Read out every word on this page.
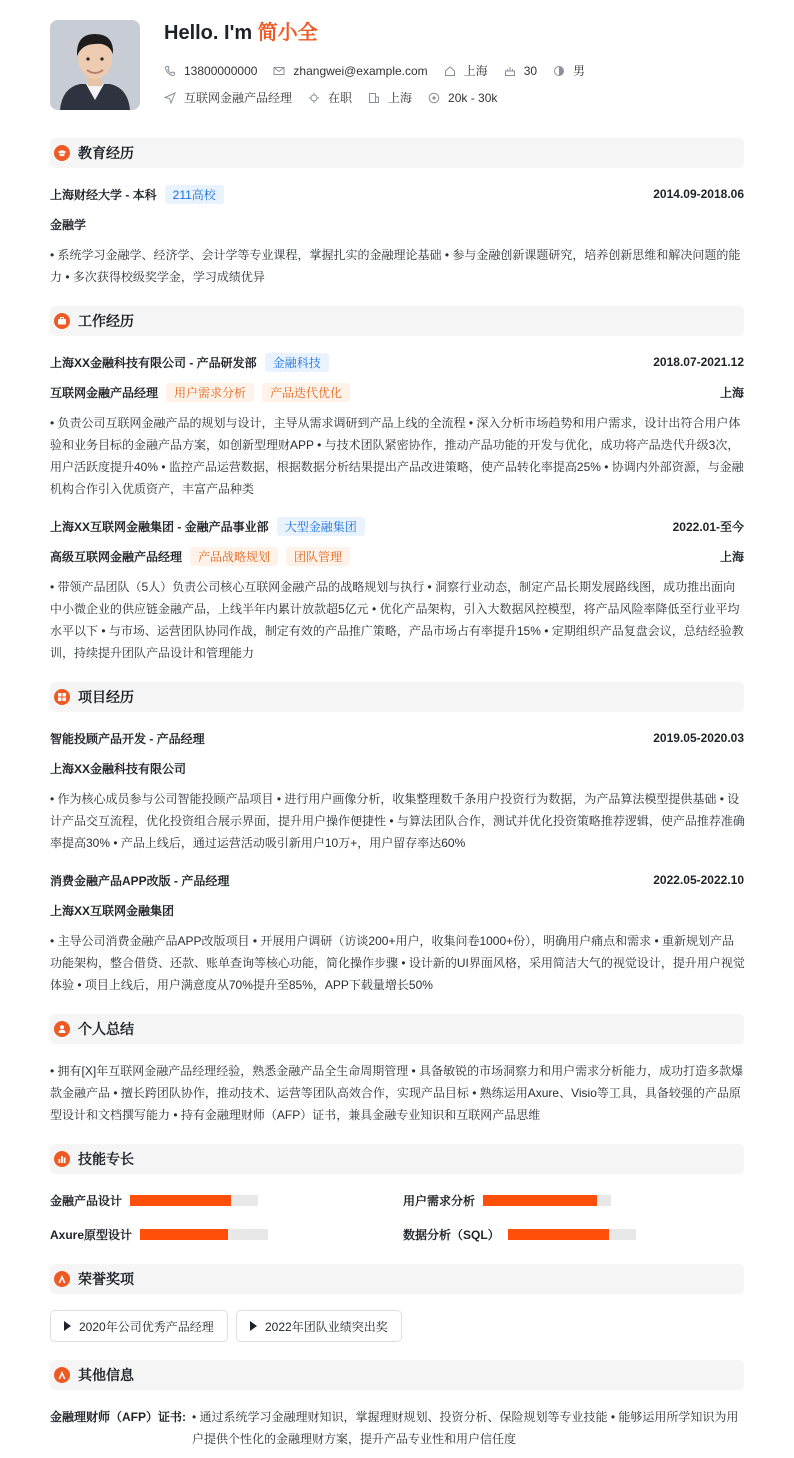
Hello. I'm 简小全
13800000000	zhangwei@example.com	上海	30	男
互联网金融产品经理	在职	上海	20k - 30k
教育经历
上海财经大学 - 本科	211高校	2014.09-2018.06
金融学
• 系统学习金融学、经济学、会计学等专业课程，掌握扎实的金融理论基础 • 参与金融创新课题研究，培养创新思维和解决问题的能力 • 多次获得校级奖学金，学习成绩优异
工作经历
上海XX金融科技有限公司 - 产品研发部	金融科技	2018.07-2021.12
互联网金融产品经理	用户需求分析	产品迭代优化	上海
• 负责公司互联网金融产品的规划与设计，主导从需求调研到产品上线的全流程 • 深入分析市场趋势和用户需求，设计出符合用户体验和业务目标的金融产品方案，如创新型理财APP • 与技术团队紧密协作，推动产品功能的开发与优化，成功将产品迭代升级3次，用户活跃度提升40% • 监控产品运营数据，根据数据分析结果提出产品改进策略，使产品转化率提高25% • 协调内外部资源，与金融机构合作引入优质资产，丰富产品种类
上海XX互联网金融集团 - 金融产品事业部	大型金融集团	2022.01-至今
高级互联网金融产品经理	产品战略规划	团队管理	上海
• 带领产品团队（5人）负责公司核心互联网金融产品的战略规划与执行 • 洞察行业动态，制定产品长期发展路线图，成功推出面向中小微企业的供应链金融产品，上线半年内累计放款超5亿元 • 优化产品架构，引入大数据风控模型，将产品风险率降低至行业平均水平以下 • 与市场、运营团队协同作战，制定有效的产品推广策略，产品市场占有率提升15% • 定期组织产品复盘会议，总结经验教训，持续提升团队产品设计和管理能力
项目经历
智能投顾产品开发 - 产品经理	2019.05-2020.03
上海XX金融科技有限公司
• 作为核心成员参与公司智能投顾产品项目 • 进行用户画像分析，收集整理数千条用户投资行为数据，为产品算法模型提供基础 • 设计产品交互流程，优化投资组合展示界面，提升用户操作便捷性 • 与算法团队合作，测试并优化投资策略推荐逻辑，使产品推荐准确率提高30% • 产品上线后，通过运营活动吸引新用户10万+，用户留存率达60%
消费金融产品APP改版 - 产品经理	2022.05-2022.10
上海XX互联网金融集团
• 主导公司消费金融产品APP改版项目 • 开展用户调研（访谈200+用户，收集问卷1000+份），明确用户痛点和需求 • 重新规划产品功能架构，整合借贷、还款、账单查询等核心功能，简化操作步骤 • 设计新的UI界面风格，采用简洁大气的视觉设计，提升用户视觉体验 • 项目上线后，用户满意度从70%提升至85%，APP下载量增长50%
个人总结
• 拥有[X]年互联网金融产品经理经验，熟悉金融产品全生命周期管理 • 具备敏锐的市场洞察力和用户需求分析能力，成功打造多款爆款金融产品 • 擅长跨团队协作，推动技术、运营等团队高效合作，实现产品目标 • 熟练运用Axure、Visio等工具，具备较强的产品原型设计和文档撰写能力 • 持有金融理财师（AFP）证书，兼具金融专业知识和互联网产品思维
技能专长
金融产品设计	用户需求分析
Axure原型设计	数据分析（SQL）
荣誉奖项
2020年公司优秀产品经理	2022年团队业绩突出奖
其他信息
金融理财师（AFP）证书: • 通过系统学习金融理财知识，掌握理财规划、投资分析、保险规划等专业技能 • 能够运用所学知识为用户提供个性化的金融理财方案，提升产品专业性和用户信任度
